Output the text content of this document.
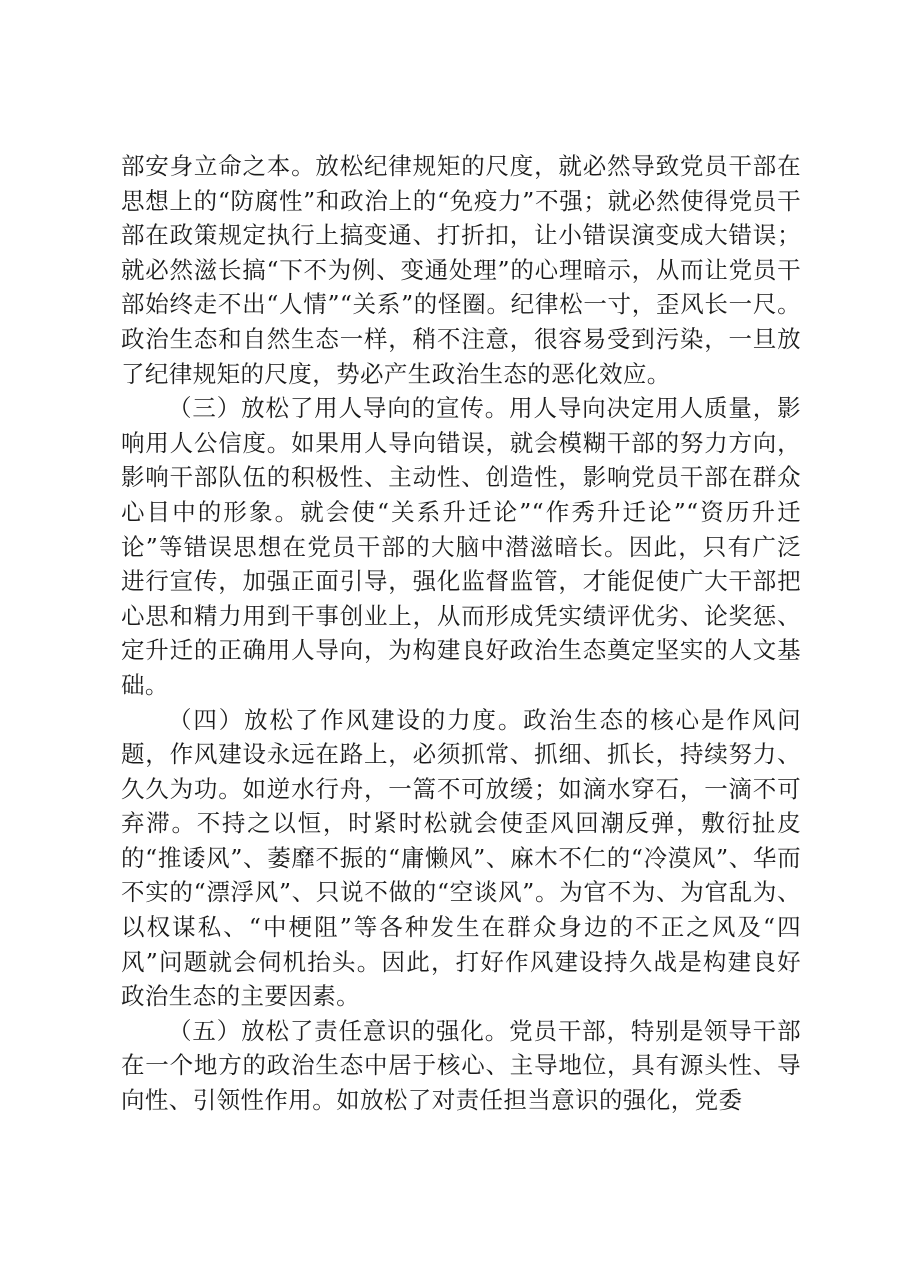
部安身立命之本。放松纪律规矩的尺度，就必然导致党员干部在思想上的“防腐性”和政治上的“免疫力”不强；就必然使得党员干部在政策规定执行上搞变通、打折扣，让小错误演变成大错误；就必然滋长搞“下不为例、变通处理”的心理暗示，从而让党员干部始终走不出“人情”“关系”的怪圈。纪律松一寸，歪风长一尺。政治生态和自然生态一样，稍不注意，很容易受到污染，一旦放了纪律规矩的尺度，势必产生政治生态的恶化效应。

（三）放松了用人导向的宣传。用人导向决定用人质量，影响用人公信度。如果用人导向错误，就会模糊干部的努力方向，影响干部队伍的积极性、主动性、创造性，影响党员干部在群众心目中的形象。就会使“关系升迁论”“作秀升迁论”“资历升迁论”等错误思想在党员干部的大脑中潜滋暗长。因此，只有广泛进行宣传，加强正面引导，强化监督监管，才能促使广大干部把心思和精力用到干事创业上，从而形成凭实绩评优劣、论奖惩、定升迁的正确用人导向，为构建良好政治生态奠定坚实的人文基础。

（四）放松了作风建设的力度。政治生态的核心是作风问题，作风建设永远在路上，必须抓常、抓细、抓长，持续努力、久久为功。如逆水行舟，一篙不可放缓；如滴水穿石，一滴不可弃滞。不持之以恒，时紧时松就会使歪风回潮反弹，敷衍扯皮的“推诿风”、萎靡不振的“庸懒风”、麻木不仁的“冷漠风”、华而不实的“漂浮风”、只说不做的“空谈风”。为官不为、为官乱为、以权谋私、“中梗阻”等各种发生在群众身边的不正之风及“四风”问题就会伺机抬头。因此，打好作风建设持久战是构建良好政治生态的主要因素。

（五）放松了责任意识的强化。党员干部，特别是领导干部在一个地方的政治生态中居于核心、主导地位，具有源头性、导向性、引领性作用。如放松了对责任担当意识的强化，党委
